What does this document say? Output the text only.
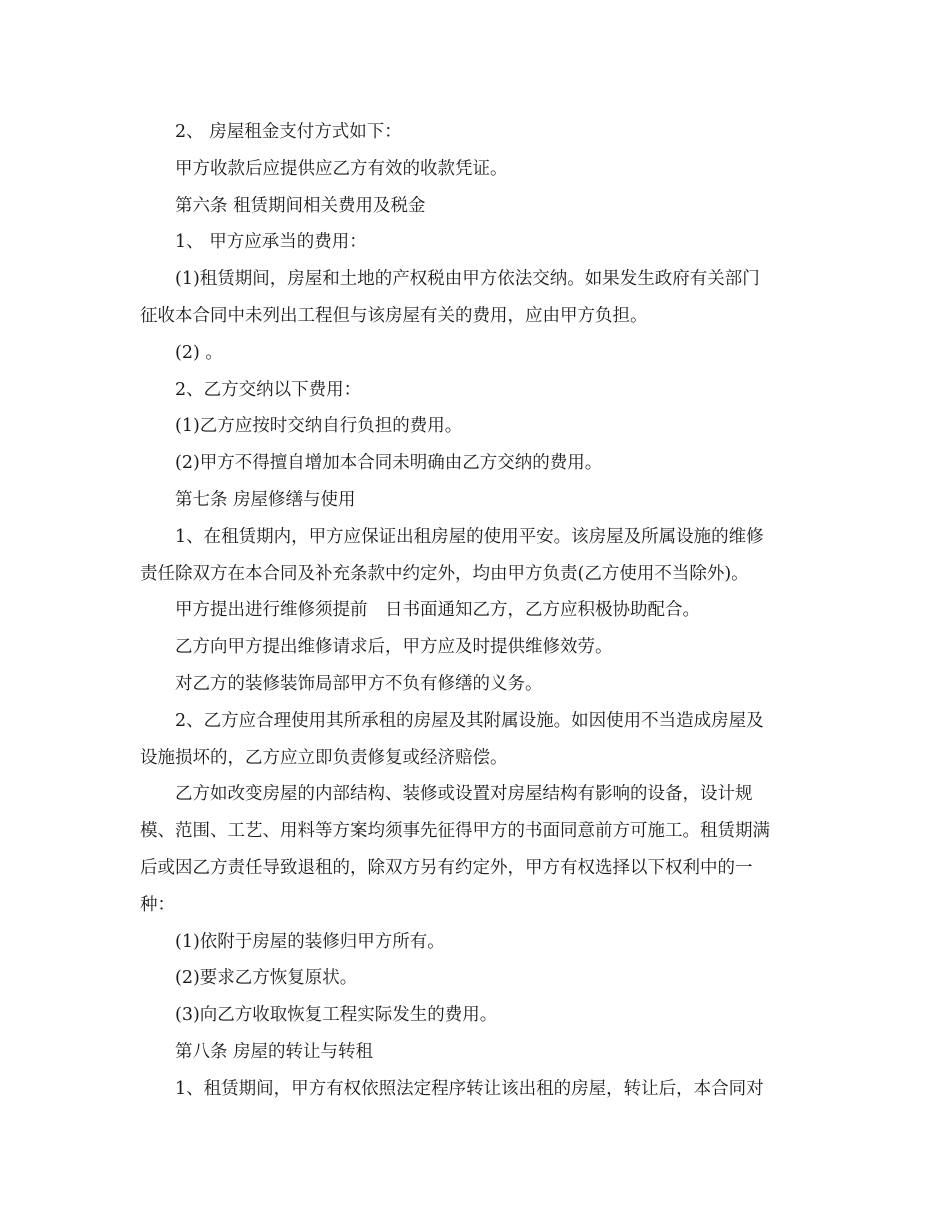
2、 房屋租金支付方式如下：
甲方收款后应提供应乙方有效的收款凭证。
第六条 租赁期间相关费用及税金
1、 甲方应承当的费用：
(1)租赁期间，房屋和土地的产权税由甲方依法交纳。如果发生政府有关部门
征收本合同中未列出工程但与该房屋有关的费用，应由甲方负担。
(2) 。
2、乙方交纳以下费用：
(1)乙方应按时交纳自行负担的费用。
(2)甲方不得擅自增加本合同未明确由乙方交纳的费用。
第七条 房屋修缮与使用
1、在租赁期内，甲方应保证出租房屋的使用平安。该房屋及所属设施的维修
责任除双方在本合同及补充条款中约定外，均由甲方负责(乙方使用不当除外)。
甲方提出进行维修须提前　日书面通知乙方，乙方应积极协助配合。
乙方向甲方提出维修请求后，甲方应及时提供维修效劳。
对乙方的装修装饰局部甲方不负有修缮的义务。
2、乙方应合理使用其所承租的房屋及其附属设施。如因使用不当造成房屋及
设施损坏的，乙方应立即负责修复或经济赔偿。
乙方如改变房屋的内部结构、装修或设置对房屋结构有影响的设备，设计规
模、范围、工艺、用料等方案均须事先征得甲方的书面同意前方可施工。租赁期满
后或因乙方责任导致退租的，除双方另有约定外，甲方有权选择以下权利中的一
种：
(1)依附于房屋的装修归甲方所有。
(2)要求乙方恢复原状。
(3)向乙方收取恢复工程实际发生的费用。
第八条 房屋的转让与转租
1、租赁期间，甲方有权依照法定程序转让该出租的房屋，转让后，本合同对
